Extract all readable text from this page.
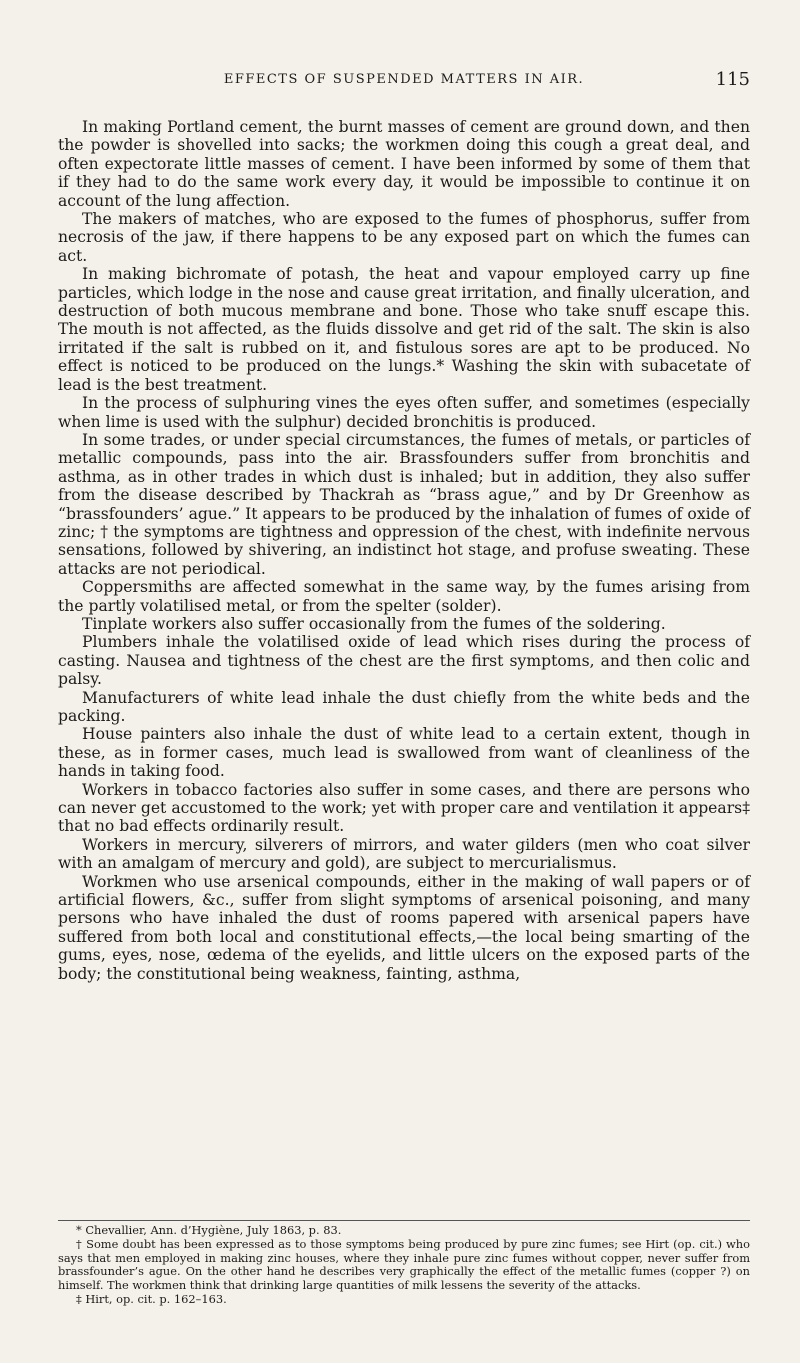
EFFECTS OF SUSPENDED MATTERS IN AIR.	115

In making Portland cement, the burnt masses of cement are ground down, and then the powder is shovelled into sacks; the workmen doing this cough a great deal, and often expectorate little masses of cement. I have been informed by some of them that if they had to do the same work every day, it would be impossible to continue it on account of the lung affection.

The makers of matches, who are exposed to the fumes of phosphorus, suffer from necrosis of the jaw, if there happens to be any exposed part on which the fumes can act.

In making bichromate of potash, the heat and vapour employed carry up fine particles, which lodge in the nose and cause great irritation, and finally ulceration, and destruction of both mucous membrane and bone. Those who take snuff escape this. The mouth is not affected, as the fluids dissolve and get rid of the salt. The skin is also irritated if the salt is rubbed on it, and fistulous sores are apt to be produced. No effect is noticed to be produced on the lungs.* Washing the skin with subacetate of lead is the best treatment.

In the process of sulphuring vines the eyes often suffer, and sometimes (especially when lime is used with the sulphur) decided bronchitis is produced.

In some trades, or under special circumstances, the fumes of metals, or particles of metallic compounds, pass into the air. Brassfounders suffer from bronchitis and asthma, as in other trades in which dust is inhaled; but in addition, they also suffer from the disease described by Thackrah as “brass ague,” and by Dr Greenhow as “brassfounders’ ague.” It appears to be produced by the inhalation of fumes of oxide of zinc; † the symptoms are tightness and oppression of the chest, with indefinite nervous sensations, followed by shivering, an indistinct hot stage, and profuse sweating. These attacks are not periodical.

Coppersmiths are affected somewhat in the same way, by the fumes arising from the partly volatilised metal, or from the spelter (solder).

Tinplate workers also suffer occasionally from the fumes of the soldering.

Plumbers inhale the volatilised oxide of lead which rises during the process of casting. Nausea and tightness of the chest are the first symptoms, and then colic and palsy.

Manufacturers of white lead inhale the dust chiefly from the white beds and the packing.

House painters also inhale the dust of white lead to a certain extent, though in these, as in former cases, much lead is swallowed from want of cleanliness of the hands in taking food.

Workers in tobacco factories also suffer in some cases, and there are persons who can never get accustomed to the work; yet with proper care and ventilation it appears‡ that no bad effects ordinarily result.

Workers in mercury, silverers of mirrors, and water gilders (men who coat silver with an amalgam of mercury and gold), are subject to mercurialismus.

Workmen who use arsenical compounds, either in the making of wall papers or of artificial flowers, &c., suffer from slight symptoms of arsenical poisoning, and many persons who have inhaled the dust of rooms papered with arsenical papers have suffered from both local and constitutional effects,—the local being smarting of the gums, eyes, nose, œdema of the eyelids, and little ulcers on the exposed parts of the body; the constitutional being weakness, fainting, asthma,

* Chevallier, Ann. d’Hygiène, July 1863, p. 83.

† Some doubt has been expressed as to those symptoms being produced by pure zinc fumes; see Hirt (op. cit.) who says that men employed in making zinc houses, where they inhale pure zinc fumes without copper, never suffer from brassfounder’s ague. On the other hand he describes very graphically the effect of the metallic fumes (copper ?) on himself. The workmen think that drinking large quantities of milk lessens the severity of the attacks.

‡ Hirt, op. cit. p. 162–163.
